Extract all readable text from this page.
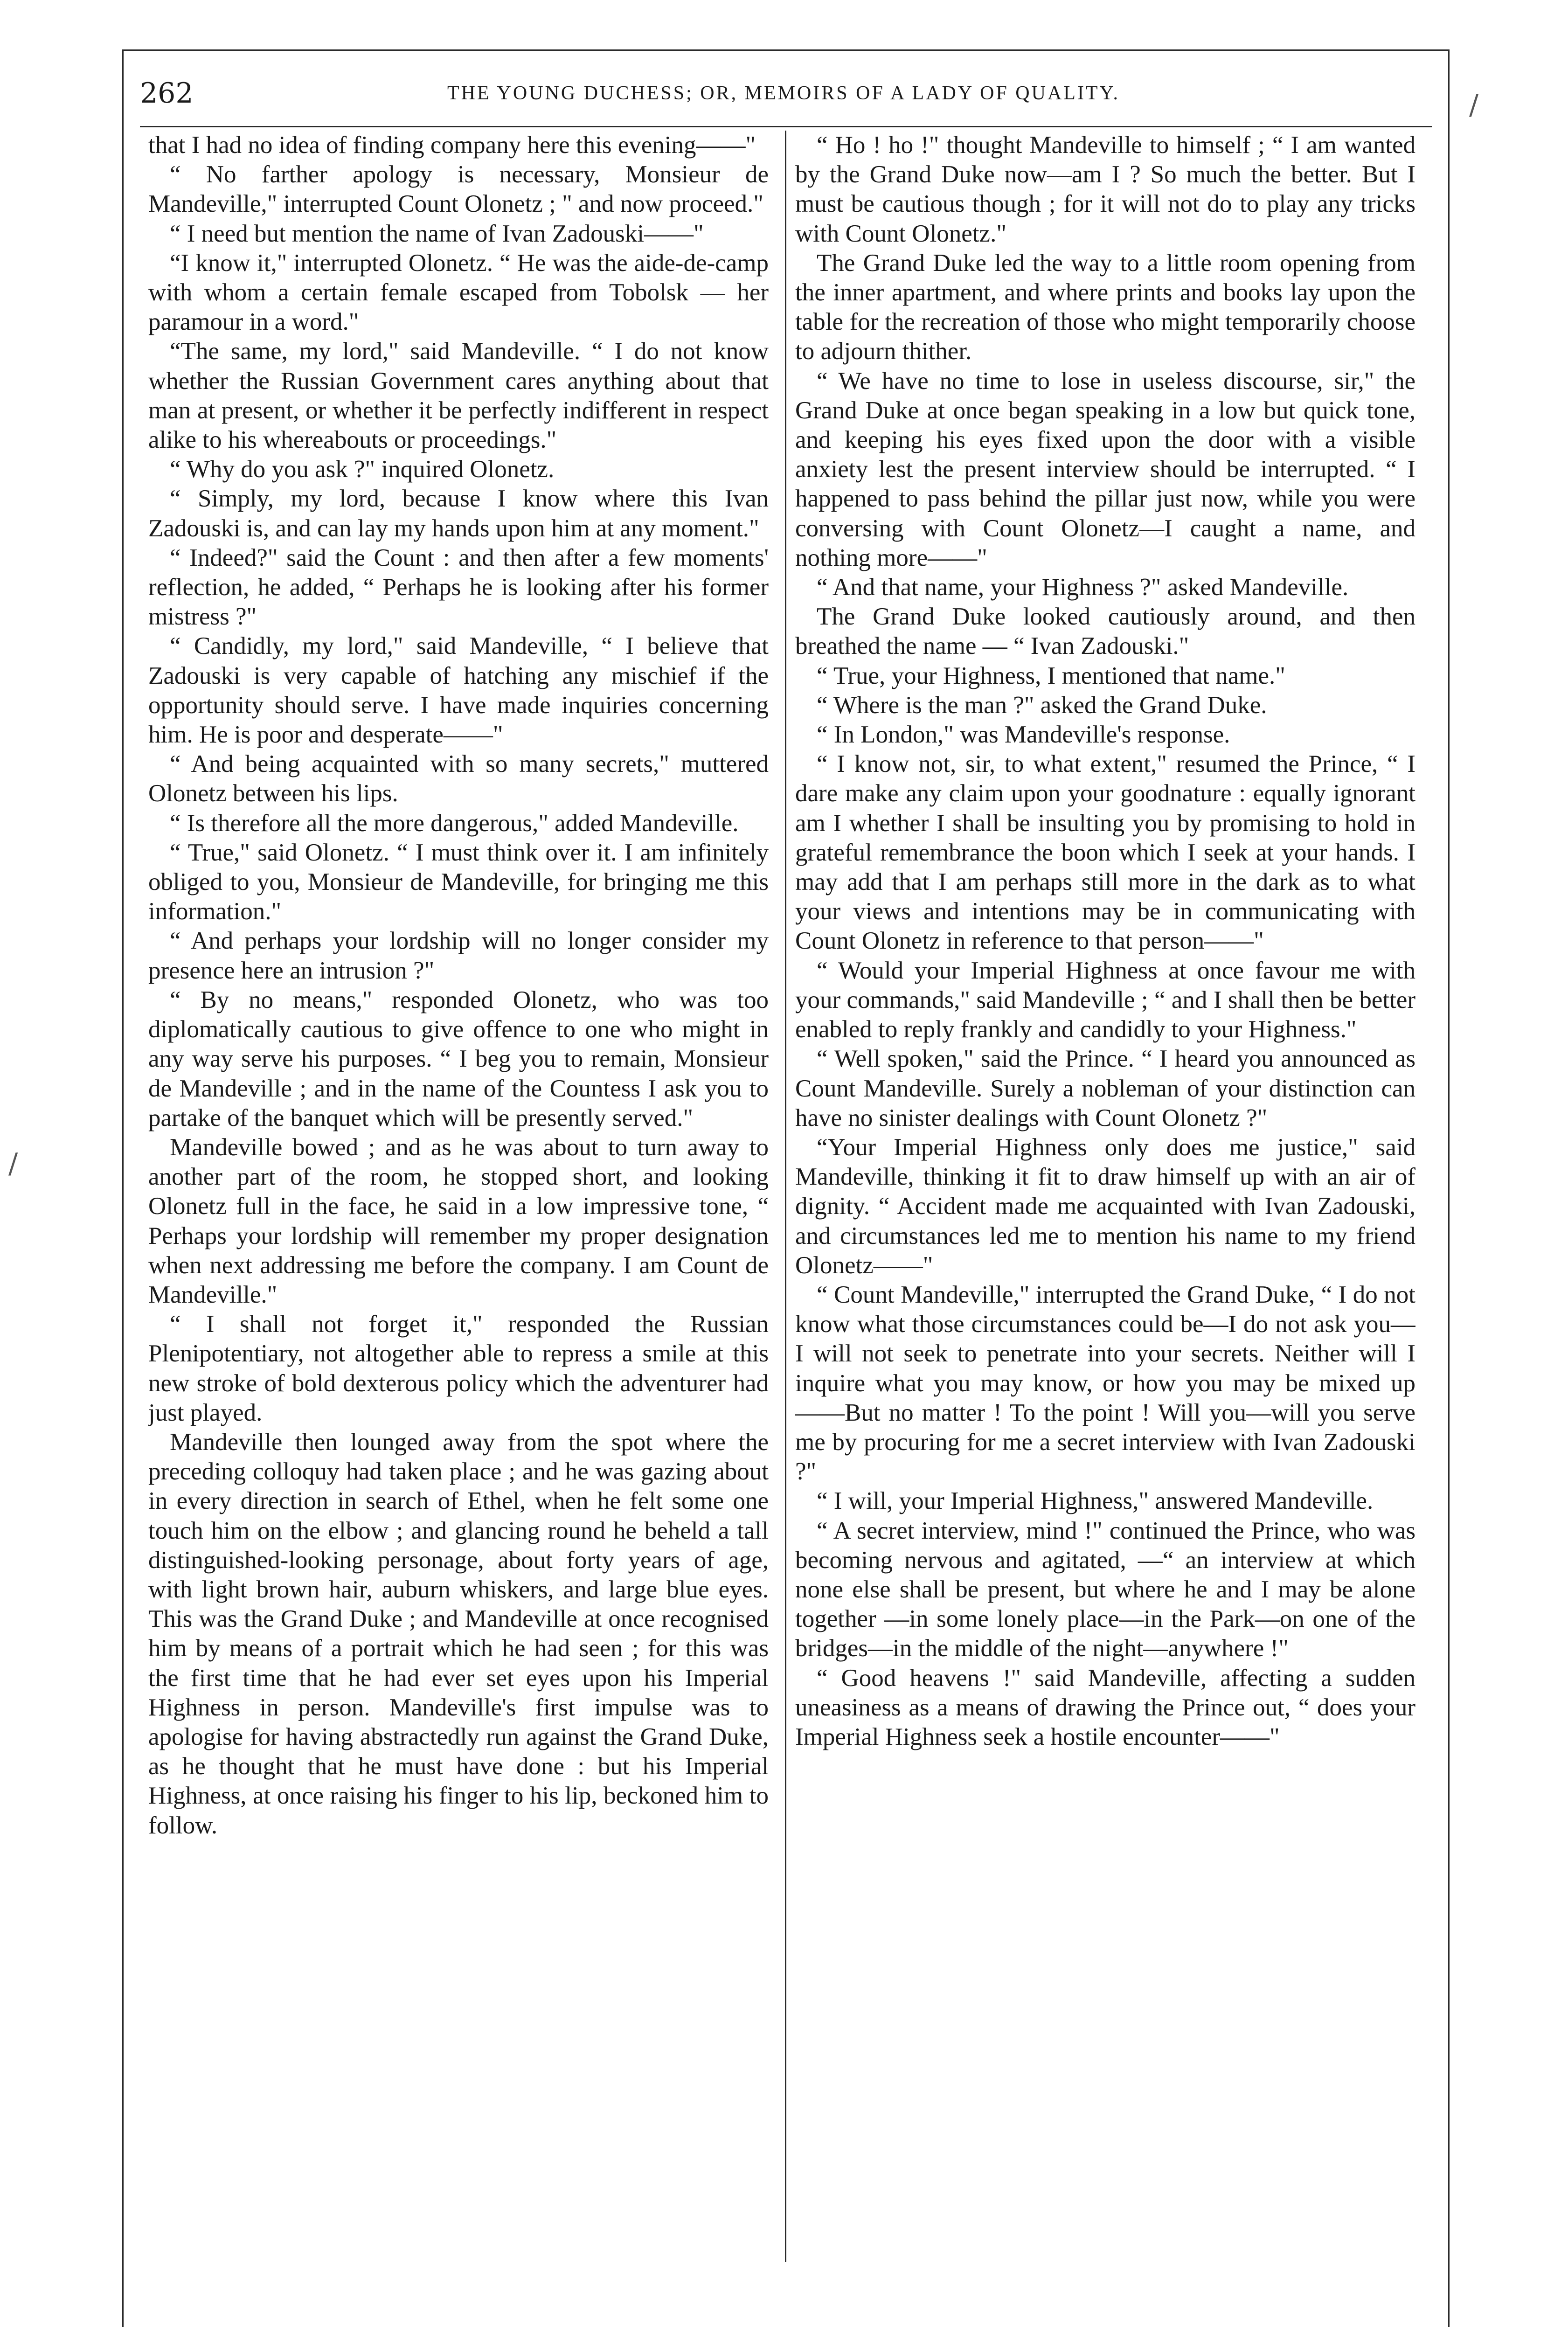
262	THE YOUNG DUCHESS; OR, MEMOIRS OF A LADY OF QUALITY.

that I had no idea of finding company here this evening——"

“ No farther apology is necessary, Monsieur de Mandeville," interrupted Count Olonetz ; " and now proceed."

“ I need but mention the name of Ivan Zadouski——"

“I know it," interrupted Olonetz. “ He was the aide-de-camp with whom a certain female escaped from Tobolsk — her paramour in a word."

“The same, my lord," said Mandeville. “ I do not know whether the Russian Government cares anything about that man at present, or whether it be perfectly indifferent in respect alike to his whereabouts or proceedings."

“ Why do you ask ?" inquired Olonetz.

“ Simply, my lord, because I know where this Ivan Zadouski is, and can lay my hands upon him at any moment."

“ Indeed?" said the Count : and then after a few moments' reflection, he added, “ Perhaps he is looking after his former mistress ?"

“ Candidly, my lord," said Mandeville, “ I believe that Zadouski is very capable of hatching any mischief if the opportunity should serve. I have made inquiries concerning him. He is poor and desperate——"

“ And being acquainted with so many secrets," muttered Olonetz between his lips.

“ Is therefore all the more dangerous," added Mandeville.

“ True," said Olonetz. “ I must think over it. I am infinitely obliged to you, Monsieur de Mandeville, for bringing me this information."

“ And perhaps your lordship will no longer consider my presence here an intrusion ?"

“ By no means," responded Olonetz, who was too diplomatically cautious to give offence to one who might in any way serve his purposes. “ I beg you to remain, Monsieur de Mandeville ; and in the name of the Countess I ask you to partake of the banquet which will be presently served."

Mandeville bowed ; and as he was about to turn away to another part of the room, he stopped short, and looking Olonetz full in the face, he said in a low impressive tone, “ Perhaps your lordship will remember my proper designation when next addressing me before the company. I am Count de Mandeville."

“ I shall not forget it," responded the Russian Plenipotentiary, not altogether able to repress a smile at this new stroke of bold dexterous policy which the adventurer had just played.

Mandeville then lounged away from the spot where the preceding colloquy had taken place ; and he was gazing about in every direction in search of Ethel, when he felt some one touch him on the elbow ; and glancing round he beheld a tall distinguished-looking personage, about forty years of age, with light brown hair, auburn whiskers, and large blue eyes. This was the Grand Duke ; and Mandeville at once recognised him by means of a portrait which he had seen ; for this was the first time that he had ever set eyes upon his Imperial Highness in person. Mandeville's first impulse was to apologise for having abstractedly run against the Grand Duke, as he thought that he must have done : but his Imperial Highness, at once raising his finger to his lip, beckoned him to follow.

“ Ho ! ho !" thought Mandeville to himself ; “ I am wanted by the Grand Duke now—am I ? So much the better. But I must be cautious though ; for it will not do to play any tricks with Count Olonetz."

The Grand Duke led the way to a little room opening from the inner apartment, and where prints and books lay upon the table for the recreation of those who might temporarily choose to adjourn thither.

“ We have no time to lose in useless discourse, sir," the Grand Duke at once began speaking in a low but quick tone, and keeping his eyes fixed upon the door with a visible anxiety lest the present interview should be interrupted. “ I happened to pass behind the pillar just now, while you were conversing with Count Olonetz—I caught a name, and nothing more——"

“ And that name, your Highness ?" asked Mandeville.

The Grand Duke looked cautiously around, and then breathed the name — “ Ivan Zadouski."

“ True, your Highness, I mentioned that name."

“ Where is the man ?" asked the Grand Duke.

“ In London," was Mandeville's response.

“ I know not, sir, to what extent," resumed the Prince, “ I dare make any claim upon your goodnature : equally ignorant am I whether I shall be insulting you by promising to hold in grateful remembrance the boon which I seek at your hands. I may add that I am perhaps still more in the dark as to what your views and intentions may be in communicating with Count Olonetz in reference to that person——"

“ Would your Imperial Highness at once favour me with your commands," said Mandeville ; “ and I shall then be better enabled to reply frankly and candidly to your Highness."

“ Well spoken," said the Prince. “ I heard you announced as Count Mandeville. Surely a nobleman of your distinction can have no sinister dealings with Count Olonetz ?"

“Your Imperial Highness only does me justice," said Mandeville, thinking it fit to draw himself up with an air of dignity. “ Accident made me acquainted with Ivan Zadouski, and circumstances led me to mention his name to my friend Olonetz——"

“ Count Mandeville," interrupted the Grand Duke, “ I do not know what those circumstances could be—I do not ask you—I will not seek to penetrate into your secrets. Neither will I inquire what you may know, or how you may be mixed up——But no matter ! To the point ! Will you—will you serve me by procuring for me a secret interview with Ivan Zadouski ?"

“ I will, your Imperial Highness," answered Mandeville.

“ A secret interview, mind !" continued the Prince, who was becoming nervous and agitated, —“ an interview at which none else shall be present, but where he and I may be alone together —in some lonely place—in the Park—on one of the bridges—in the middle of the night—anywhere !"

“ Good heavens !" said Mandeville, affecting a sudden uneasiness as a means of drawing the Prince out, “ does your Imperial Highness seek a hostile encounter——"

/
/
